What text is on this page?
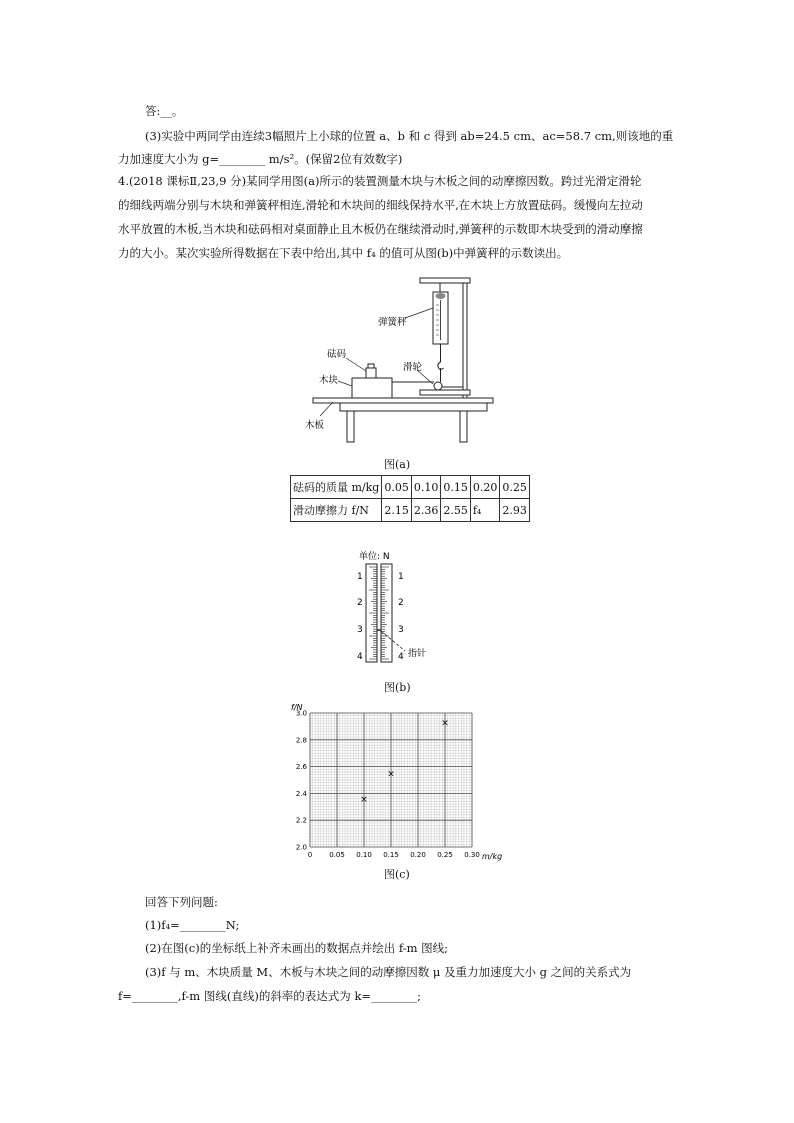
答:__。
(3)实验中两同学由连续3幅照片上小球的位置 a、b 和 c 得到 ab=24.5 cm、ac=58.7 cm,则该地的重
力加速度大小为 g=________ m/s²。(保留2位有效数字)
4.(2018 课标Ⅱ,23,9 分)某同学用图(a)所示的装置测量木块与木板之间的动摩擦因数。跨过光滑定滑轮
的细线两端分别与木块和弹簧秤相连,滑轮和木块间的细线保持水平,在木块上方放置砝码。缓慢向左拉动
水平放置的木板,当木块和砝码相对桌面静止且木板仍在继续滑动时,弹簧秤的示数即木块受到的滑动摩擦
力的大小。某次实验所得数据在下表中给出,其中 f₄ 的值可从图(b)中弹簧秤的示数读出。
弹簧秤
砝码
滑轮
木块
木板
图(a)
砝码的质量 m/kg	0.05	0.10	0.15	0.20	0.25
滑动摩擦力 f/N	2.15	2.36	2.55	f₄	2.93
单位: N
1
2
3
4
1
2
3
4 指针
图(b)
0 0.05 0.10 0.15 0.20 0.25 0.30
2.0
2.2
2.4
2.6
2.8
3.0
×
×
×
f/N
m/kg
图(c)
回答下列问题:
(1)f₄=________N;
(2)在图(c)的坐标纸上补齐未画出的数据点并绘出 f-m 图线;
(3)f 与 m、木块质量 M、木板与木块之间的动摩擦因数 μ 及重力加速度大小 g 之间的关系式为
f=________,f-m 图线(直线)的斜率的表达式为 k=________;
